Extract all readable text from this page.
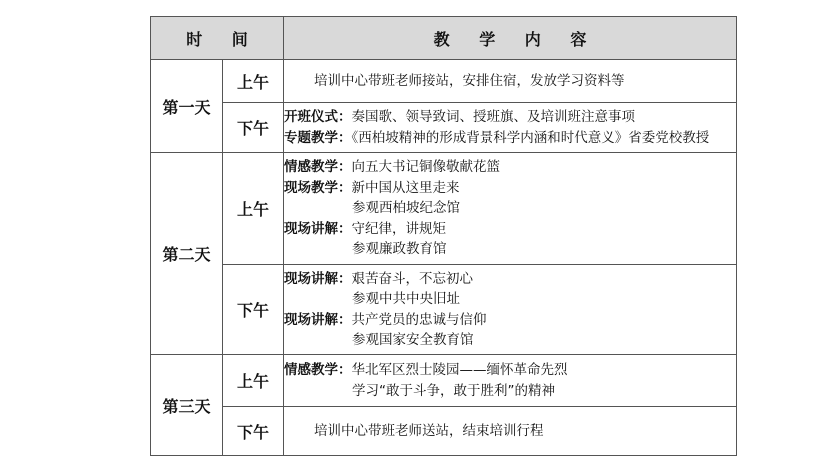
时 间		教 学 内 容
第一天	上午	培训中心带班老师接站，安排住宿，发放学习资料等

	下午	开班仪式：奏国歌、领导致词、授班旗、及培训班注意事项
专题教学：《西柏坡精神的形成背景科学内涵和时代意义》省委党校教授

第二天	上午	情感教学：向五大书记铜像敬献花篮
现场教学：新中国从这里走来
参观西柏坡纪念馆
现场讲解：守纪律，讲规矩
参观廉政教育馆

	下午	现场讲解：艰苦奋斗，不忘初心
参观中共中央旧址
现场讲解：共产党员的忠诚与信仰
参观国家安全教育馆

第三天	上午	情感教学：华北军区烈士陵园——缅怀革命先烈
学习“敢于斗争，敢于胜利”的精神

	下午	培训中心带班老师送站，结束培训行程
